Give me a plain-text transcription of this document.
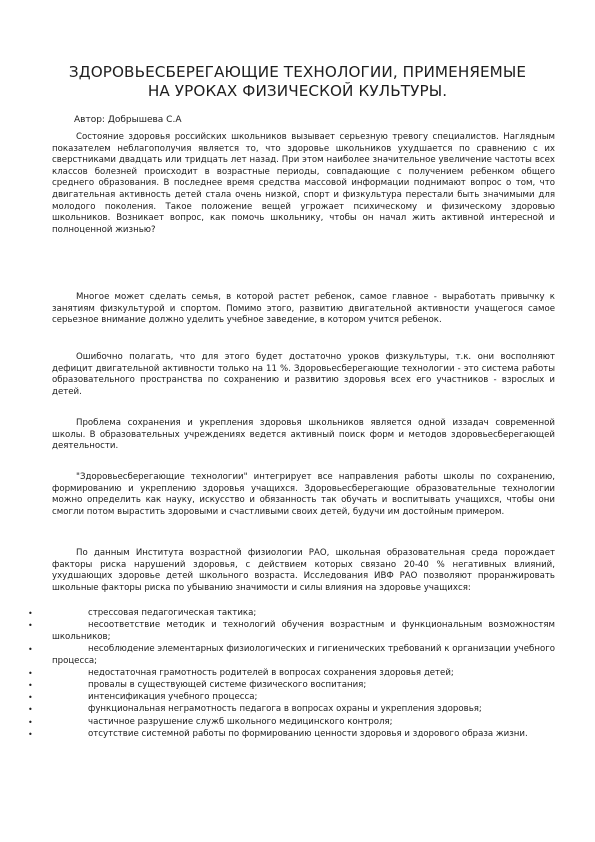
ЗДОРОВЬЕСБЕРЕГАЮЩИЕ ТЕХНОЛОГИИ, ПРИМЕНЯЕМЫЕ
НА УРОКАХ ФИЗИЧЕСКОЙ КУЛЬТУРЫ.
Автор: Добрышева С.А

Состояние здоровья российских школьников вызывает серьезную тревогу специалистов. Наглядным показателем неблагополучия является то, что здоровье школьников ухудшается по сравнению с их сверстниками двадцать или тридцать лет назад. При этом наиболее значительное увеличение частоты всех классов болезней происходит в возрастные периоды, совпадающие с получением ребенком общего среднего образования. В последнее время средства массовой информации поднимают вопрос о том, что двигательная активность детей стала очень низкой, спорт и физкультура перестали быть значимыми для молодого поколения. Такое положение вещей угрожает психическому и физическому здоровью школьников. Возникает вопрос, как помочь школьнику, чтобы он начал жить активной интересной и полноценной жизнью?

Многое может сделать семья, в которой растет ребенок, самое главное - выработать привычку к занятиям физкультурой и спортом. Помимо этого, развитию двигательной активности учащегося самое серьезное внимание должно уделить учебное заведение, в котором учится ребенок.

Ошибочно полагать, что для этого будет достаточно уроков физкультуры, т.к. они восполняют дефицит двигательной активности только на 11 %. Здоровьесберегающие технологии - это система работы образовательного пространства по сохранению и развитию здоровья всех его участников - взрослых и детей.

Проблема сохранения и укрепления здоровья школьников является одной иззадач современной школы. В образовательных учреждениях ведется активный поиск форм и методов здоровьесберегающей деятельности.

"Здоровьесберегающие технологии" интегрирует все направления работы школы по сохранению, формированию и укреплению здоровья учащихся. Здоровьесберегающие образовательные технологии можно определить как науку, искусство и обязанность так обучать и воспитывать учащихся, чтобы они смогли потом вырастить здоровыми и счастливыми своих детей, будучи им достойным примером.

По данным Института возрастной физиологии РАО, школьная образовательная среда порождает факторы риска нарушений здоровья, с действием которых связано 20-40 % негативных влияний, ухудшающих здоровье детей школьного возраста. Исследования ИВФ РАО позволяют проранжировать школьные факторы риска по убыванию значимости и силы влияния на здоровье учащихся:

•	стрессовая педагогическая тактика;
•	несоответствие методик и технологий обучения возрастным и функциональным возможностям школьников;
•	несоблюдение элементарных физиологических и гигиенических требований к организации учебного процесса;
•	недостаточная грамотность родителей в вопросах сохранения здоровья детей;
•	провалы в существующей системе физического воспитания;
•	интенсификация учебного процесса;
•	функциональная неграмотность педагога в вопросах охраны и укрепления здоровья;
•	частичное разрушение служб школьного медицинского контроля;
•	отсутствие системной работы по формированию ценности здоровья и здорового образа жизни.
